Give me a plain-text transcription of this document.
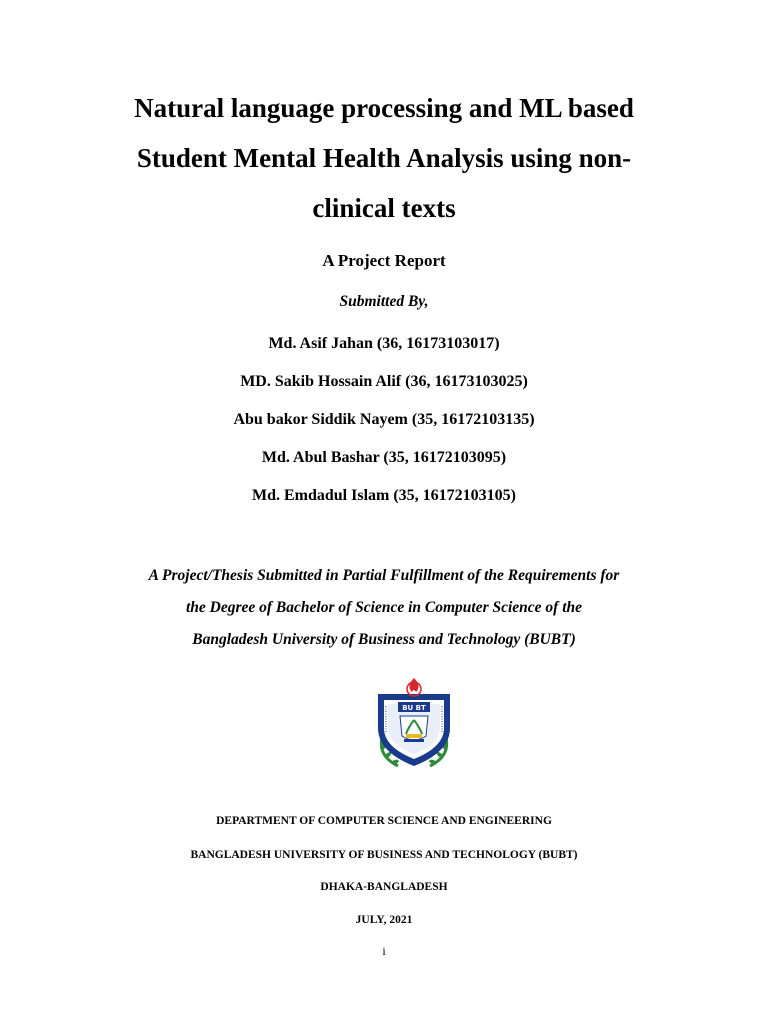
Natural language processing and ML based
Student Mental Health Analysis using non-
clinical texts
A Project Report
Submitted By,
Md. Asif Jahan (36, 16173103017)
MD. Sakib Hossain Alif (36, 16173103025)
Abu bakor Siddik Nayem (35, 16172103135)
Md. Abul Bashar (35, 16172103095)
Md. Emdadul Islam (35, 16172103105)
A Project/Thesis Submitted in Partial Fulfillment of the Requirements for
the Degree of Bachelor of Science in Computer Science of the
Bangladesh University of Business and Technology (BUBT)
BU BT
DEPARTMENT OF COMPUTER SCIENCE AND ENGINEERING
BANGLADESH UNIVERSITY OF BUSINESS AND TECHNOLOGY (BUBT)
DHAKA-BANGLADESH
JULY, 2021
i
